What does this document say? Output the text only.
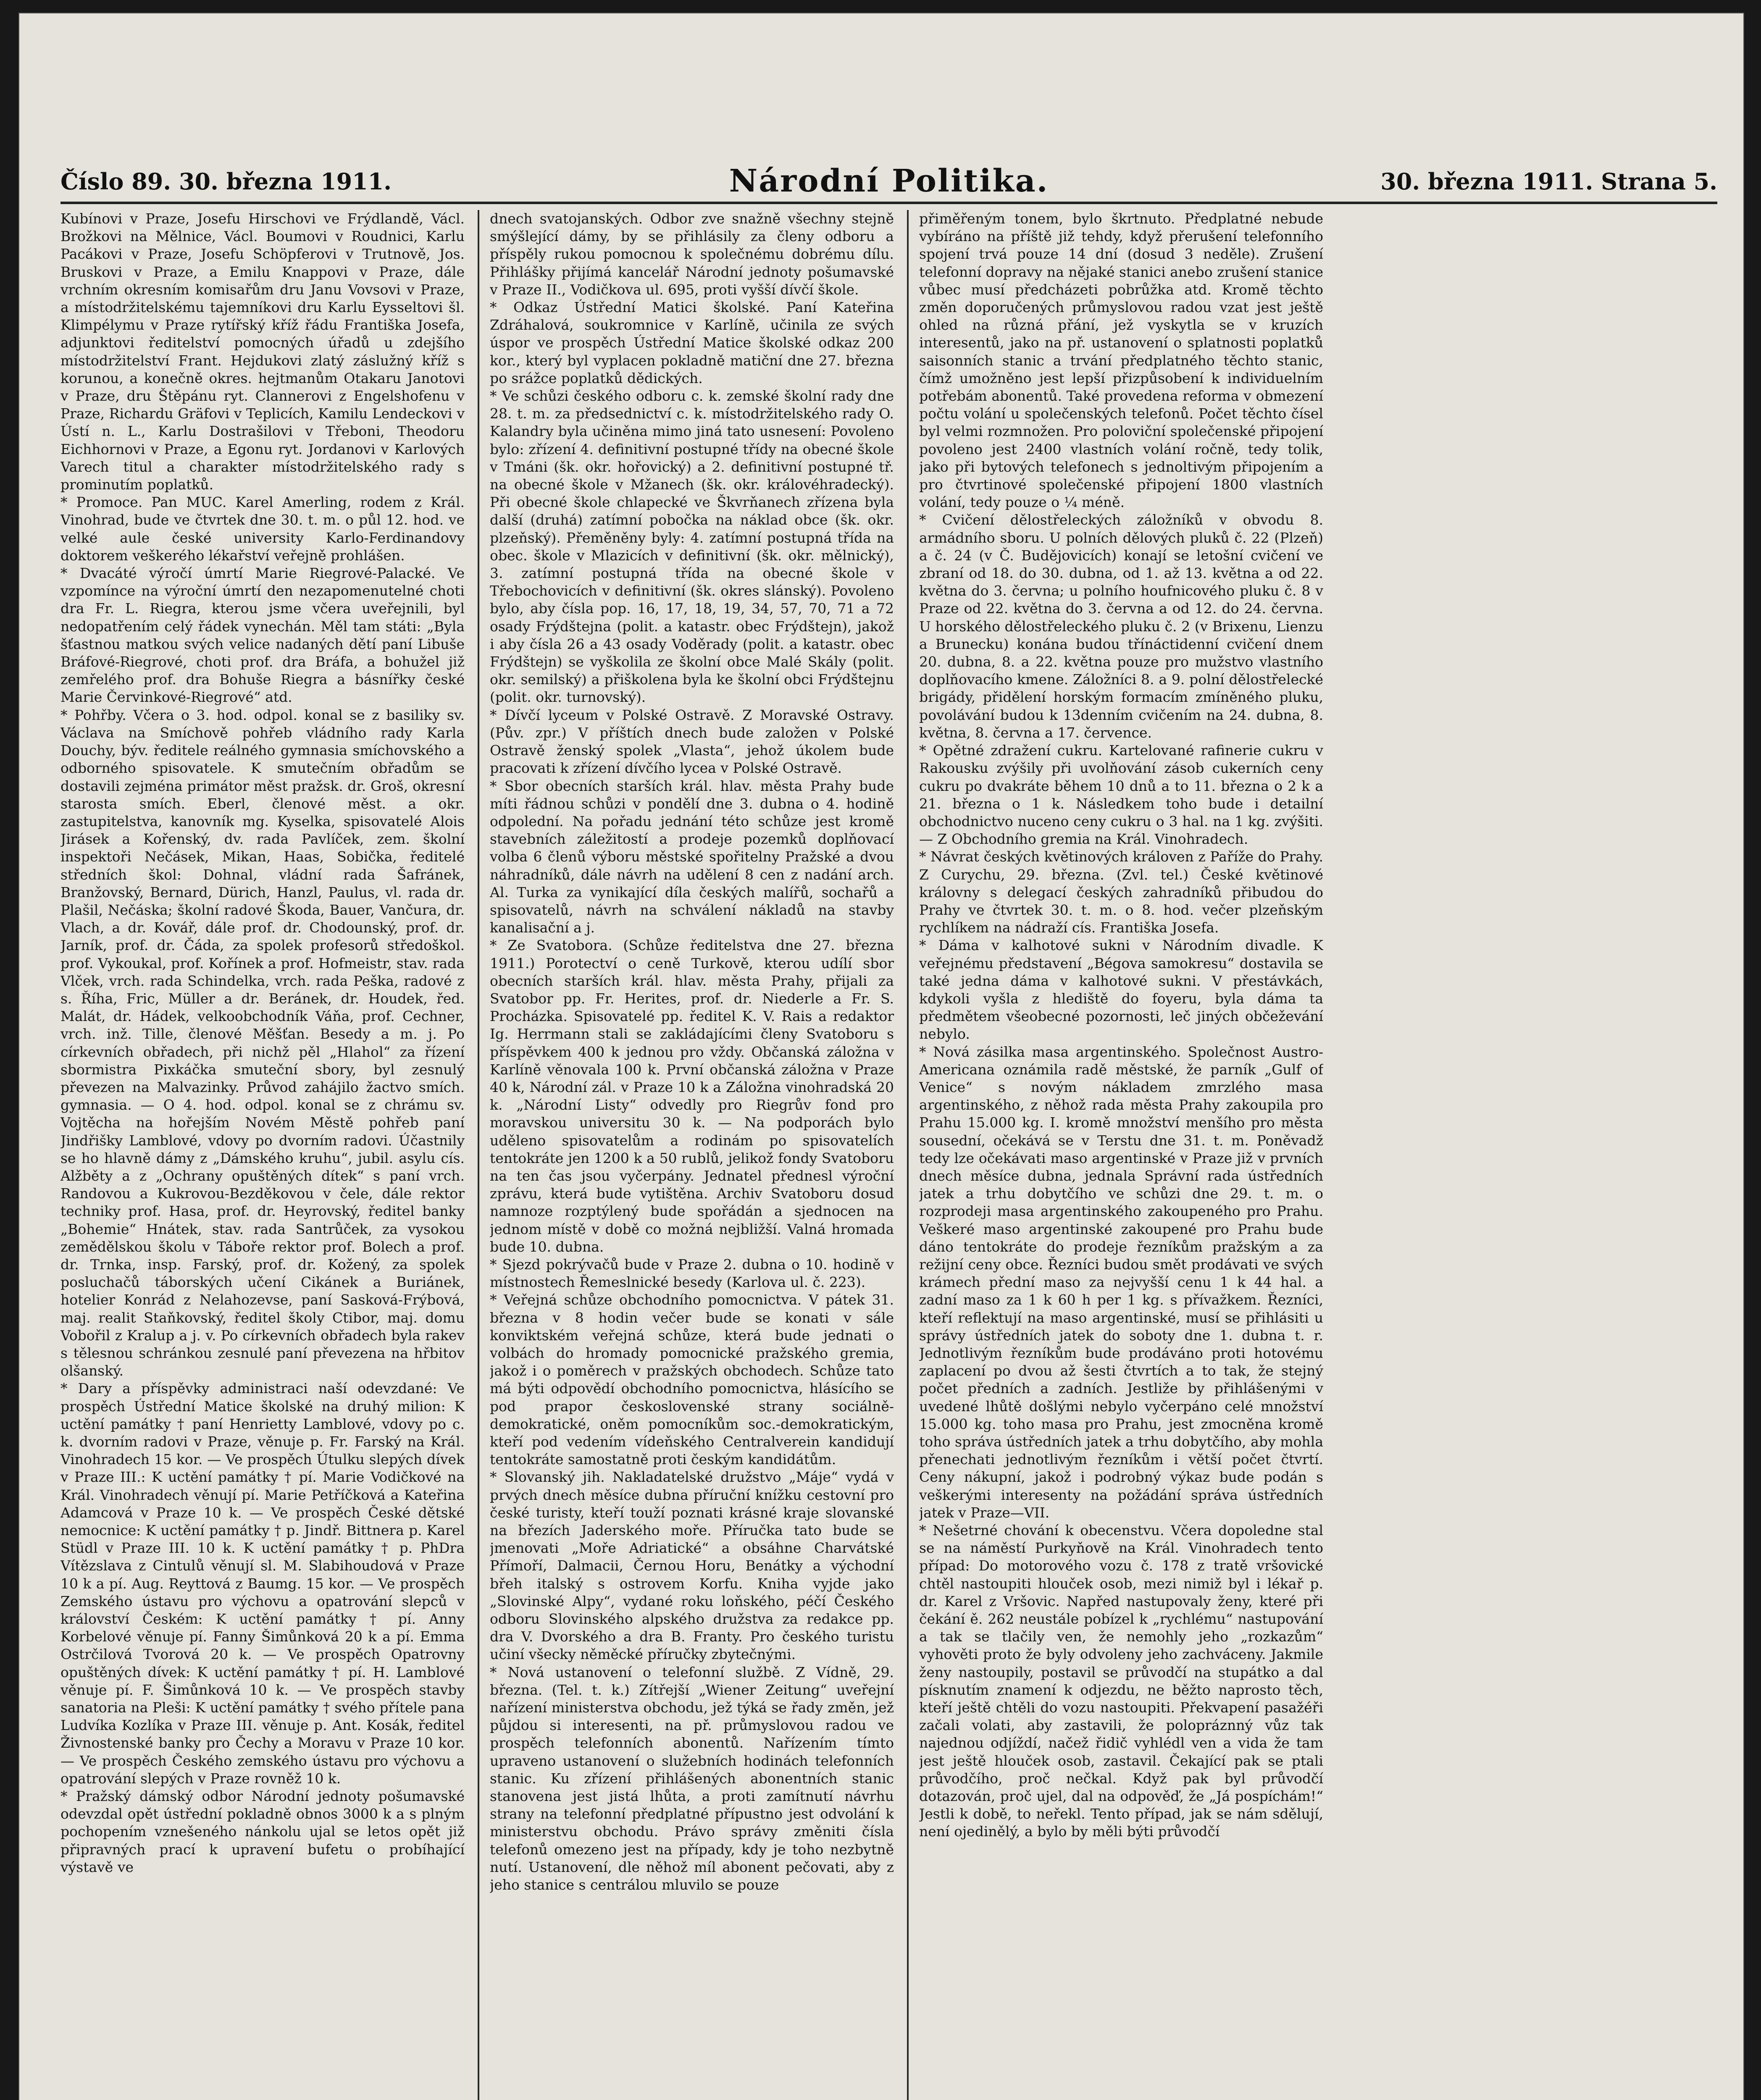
Číslo 89. 30. března 1911.	Národní Politika.	30. března 1911. Strana 5.

Kubínovi v Praze, Josefu Hirschovi ve Frýdlandě, Václ. Brožkovi na Mělnice, Václ. Boumovi v Roudnici, Karlu Pacákovi v Praze, Josefu Schöpferovi v Trutnově, Jos. Bruskovi v Praze, a Emilu Knappovi v Praze, dále vrchním okresním komisařům dru Janu Vovsovi v Praze, a místodržitelskému tajemníkovi dru Karlu Eysseltovi šl. Klimpélymu v Praze rytířský kříž řádu Františka Josefa, adjunktovi ředitelství pomocných úřadů u zdejšího místodržitelství Frant. Hejdukovi zlatý záslužný kříž s korunou, a konečně okres. hejtmanům Otakaru Janotovi v Praze, dru Štěpánu ryt. Clannerovi z Engelshofenu v Praze, Richardu Gräfovi v Teplicích, Kamilu Lendeckovi v Ústí n. L., Karlu Dostrašilovi v Třeboni, Theodoru Eichhornovi v Praze, a Egonu ryt. Jordanovi v Karlových Varech titul a charakter místodržitelského rady s prominutím poplatků.

* Promoce. Pan MUC. Karel Amerling, rodem z Král. Vinohrad, bude ve čtvrtek dne 30. t. m. o půl 12. hod. ve velké aule české university Karlo-Ferdinandovy doktorem veškerého lékařství veřejně prohlášen.

* Dvacáté výročí úmrtí Marie Riegrové-Palacké. Ve vzpomínce na výroční úmrtí den nezapomenutelné choti dra Fr. L. Riegra, kterou jsme včera uveřejnili, byl nedopatřením celý řádek vynechán. Měl tam státi: „Byla šťastnou matkou svých velice nadaných dětí paní Libuše Bráfové-Riegrové, choti prof. dra Bráfa, a bohužel již zemřelého prof. dra Bohuše Riegra a básnířky české Marie Červinkové-Riegrové“ atd.

* Pohřby. Včera o 3. hod. odpol. konal se z basiliky sv. Václava na Smíchově pohřeb vládního rady Karla Douchy, býv. ředitele reálného gymnasia smíchovského a odborného spisovatele. K smutečním obřadům se dostavili zejména primátor měst pražsk. dr. Groš, okresní starosta smích. Eberl, členové měst. a okr. zastupitelstva, kanovník mg. Kyselka, spisovatelé Alois Jirásek a Kořenský, dv. rada Pavlíček, zem. školní inspektoři Nečásek, Mikan, Haas, Sobička, ředitelé středních škol: Dohnal, vládní rada Šafránek, Branžovský, Bernard, Dürich, Hanzl, Paulus, vl. rada dr. Plašil, Nečáska; školní radové Škoda, Bauer, Vančura, dr. Vlach, a dr. Kovář, dále prof. dr. Chodounský, prof. dr. Jarník, prof. dr. Čáda, za spolek profesorů středoškol. prof. Vykoukal, prof. Kořínek a prof. Hofmeistr, stav. rada Vlček, vrch. rada Schindelka, vrch. rada Peška, radové z s. Říha, Fric, Müller a dr. Beránek, dr. Houdek, řed. Malát, dr. Hádek, velkoobchodník Váňa, prof. Cechner, vrch. inž. Tille, členové Měšťan. Besedy a m. j. Po církevních obřadech, při nichž pěl „Hlahol“ za řízení sbormistra Pixkáčka smuteční sbory, byl zesnulý převezen na Malvazinky. Průvod zahájilo žactvo smích. gymnasia. — O 4. hod. odpol. konal se z chrámu sv. Vojtěcha na hořejším Novém Městě pohřeb paní Jindřišky Lamblové, vdovy po dvorním radovi. Účastnily se ho hlavně dámy z „Dámského kruhu“, jubil. asylu cís. Alžběty a z „Ochrany opuštěných dítek“ s paní vrch. Randovou a Kukrovou-Bezděkovou v čele, dále rektor techniky prof. Hasa, prof. dr. Heyrovský, ředitel banky „Bohemie“ Hnátek, stav. rada Santrůček, za vysokou zemědělskou školu v Táboře rektor prof. Bolech a prof. dr. Trnka, insp. Farský, prof. dr. Kožený, za spolek posluchačů táborských učení Cikánek a Buriánek, hotelier Konrád z Nelahozevse, paní Sasková-Frýbová, maj. realit Staňkovský, ředitel školy Ctibor, maj. domu Vobořil z Kralup a j. v. Po církevních obřadech byla rakev s tělesnou schránkou zesnulé paní převezena na hřbitov olšanský.

* Dary a příspěvky administraci naší odevzdané: Ve prospěch Ústřední Matice školské na druhý milion: K uctění památky † paní Henrietty Lamblové, vdovy po c. k. dvorním radovi v Praze, věnuje p. Fr. Farský na Král. Vinohradech 15 kor. — Ve prospěch Útulku slepých dívek v Praze III.: K uctění památky † pí. Marie Vodičkové na Král. Vinohradech věnují pí. Marie Petříčková a Kateřina Adamcová v Praze 10 k. — Ve prospěch České dětské nemocnice: K uctění památky † p. Jindř. Bittnera p. Karel Stüdl v Praze III. 10 k. K uctění památky † p. PhDra Vítězslava z Cintulů věnují sl. M. Slabihoudová v Praze 10 k a pí. Aug. Reyttová z Baumg. 15 kor. — Ve prospěch Zemského ústavu pro výchovu a opatrování slepců v království Českém: K uctění památky † pí. Anny Korbelové věnuje pí. Fanny Šimůnková 20 k a pí. Emma Ostrčilová Tvorová 20 k. — Ve prospěch Opatrovny opuštěných dívek: K uctění památky † pí. H. Lamblové věnuje pí. F. Šimůnková 10 k. — Ve prospěch stavby sanatoria na Pleši: K uctění památky † svého přítele pana Ludvíka Kozlíka v Praze III. věnuje p. Ant. Kosák, ředitel Živnostenské banky pro Čechy a Moravu v Praze 10 kor. — Ve prospěch Českého zemského ústavu pro výchovu a opatrování slepých v Praze rovněž 10 k.

* Pražský dámský odbor Národní jednoty pošumavské odevzdal opět ústřední pokladně obnos 3000 k a s plným pochopením vznešeného nánkolu ujal se letos opět již připravných prací k upravení bufetu o probíhající výstavě ve

dnech svatojanských. Odbor zve snažně všechny stejně smýšlející dámy, by se přihlásily za členy odboru a příspěly rukou pomocnou k společnému dobrému dílu. Přihlášky přijímá kancelář Národní jednoty pošumavské v Praze II., Vodičkova ul. 695, proti vyšší dívčí škole.

* Odkaz Ústřední Matici školské. Paní Kateřina Zdráhalová, soukromnice v Karlíně, učinila ze svých úspor ve prospěch Ústřední Matice školské odkaz 200 kor., který byl vyplacen pokladně matiční dne 27. března po srážce poplatků dědických.

* Ve schůzi českého odboru c. k. zemské školní rady dne 28. t. m. za předsednictví c. k. místodržitelského rady O. Kalandry byla učiněna mimo jiná tato usnesení: Povoleno bylo: zřízení 4. definitivní postupné třídy na obecné škole v Tmáni (šk. okr. hořovický) a 2. definitivní postupné tř. na obecné škole v Mžanech (šk. okr. královéhradecký). Při obecné škole chlapecké ve Škvrňanech zřízena byla další (druhá) zatímní pobočka na náklad obce (šk. okr. plzeňský). Přeměněny byly: 4. zatímní postupná třída na obec. škole v Mlazicích v definitivní (šk. okr. mělnický), 3. zatímní postupná třída na obecné škole v Třebochovicích v definitivní (šk. okres slánský). Povoleno bylo, aby čísla pop. 16, 17, 18, 19, 34, 57, 70, 71 a 72 osady Frýdštejna (polit. a katastr. obec Frýdštejn), jakož i aby čísla 26 a 43 osady Voděrady (polit. a katastr. obec Frýdštejn) se vyškolila ze školní obce Malé Skály (polit. okr. semilský) a přiškolena byla ke školní obci Frýdštejnu (polit. okr. turnovský).

* Dívčí lyceum v Polské Ostravě. Z Moravské Ostravy. (Pův. zpr.) V příštích dnech bude založen v Polské Ostravě ženský spolek „Vlasta“, jehož úkolem bude pracovati k zřízení dívčího lycea v Polské Ostravě.

* Sbor obecních starších král. hlav. města Prahy bude míti řádnou schůzi v pondělí dne 3. dubna o 4. hodině odpolední. Na pořadu jednání této schůze jest kromě stavebních záležitostí a prodeje pozemků doplňovací volba 6 členů výboru městské spořitelny Pražské a dvou náhradníků, dále návrh na udělení 8 cen z nadání arch. Al. Turka za vynikající díla českých malířů, sochařů a spisovatelů, návrh na schválení nákladů na stavby kanalisační a j.

* Ze Svatobora. (Schůze ředitelstva dne 27. března 1911.) Porotectví o ceně Turkově, kterou udílí sbor obecních starších král. hlav. města Prahy, přijali za Svatobor pp. Fr. Herites, prof. dr. Niederle a Fr. S. Procházka. Spisovatelé pp. ředitel K. V. Rais a redaktor Ig. Herrmann stali se zakládajícími členy Svatoboru s příspěvkem 400 k jednou pro vždy. Občanská záložna v Karlíně věnovala 100 k. První občanská záložna v Praze 40 k, Národní zál. v Praze 10 k a Záložna vinohradská 20 k. „Národní Listy“ odvedly pro Riegrův fond pro moravskou universitu 30 k. — Na podporách bylo uděleno spisovatelům a rodinám po spisovatelích tentokráte jen 1200 k a 50 rublů, jelikož fondy Svatoboru na ten čas jsou vyčerpány. Jednatel přednesl výroční zprávu, která bude vytištěna. Archiv Svatoboru dosud namnoze rozptýlený bude spořádán a sjednocen na jednom místě v době co možná nejbližší. Valná hromada bude 10. dubna.

* Sjezd pokrývačů bude v Praze 2. dubna o 10. hodině v místnostech Řemeslnické besedy (Karlova ul. č. 223).

* Veřejná schůze obchodního pomocnictva. V pátek 31. března v 8 hodin večer bude se konati v sále konviktském veřejná schůze, která bude jednati o volbách do hromady pomocnické pražského gremia, jakož i o poměrech v pražských obchodech. Schůze tato má býti odpovědí obchodního pomocnictva, hlásícího se pod prapor československé strany sociálně-demokratické, oněm pomocníkům soc.-demokratickým, kteří pod vedením vídeňského Centralverein kandidují tentokráte samostatně proti českým kandidátům.

* Slovanský jih. Nakladatelské družstvo „Máje“ vydá v prvých dnech měsíce dubna příruční knížku cestovní pro české turisty, kteří touží poznati krásné kraje slovanské na březích Jaderského moře. Příručka tato bude se jmenovati „Moře Adriatické“ a obsáhne Charvátské Přímoří, Dalmacii, Černou Horu, Benátky a východní břeh italský s ostrovem Korfu. Kniha vyjde jako „Slovinské Alpy“, vydané roku loňského, péčí Českého odboru Slovinského alpského družstva za redakce pp. dra V. Dvorského a dra B. Franty. Pro českého turistu učiní všecky něměcké příručky zbytečnými.

* Nová ustanovení o telefonní službě. Z Vídně, 29. března. (Tel. t. k.) Zítřejší „Wiener Zeitung“ uveřejní nařízení ministerstva obchodu, jež týká se řady změn, jež půjdou si interesenti, na př. průmyslovou radou ve prospěch telefonních abonentů. Nařízením tímto upraveno ustanovení o služebních hodinách telefonních stanic. Ku zřízení přihlášených abonentních stanic stanovena jest jistá lhůta, a proti zamítnutí návrhu strany na telefonní předplatné přípustno jest odvolání k ministerstvu obchodu. Právo správy změniti čísla telefonů omezeno jest na případy, kdy je toho nezbytně nutí. Ustanovení, dle něhož míl abonent pečovati, aby z jeho stanice s centrálou mluvilo se pouze

přiměřeným tonem, bylo škrtnuto. Předplatné nebude vybíráno na příště již tehdy, když přerušení telefonního spojení trvá pouze 14 dní (dosud 3 neděle). Zrušení telefonní dopravy na nějaké stanici anebo zrušení stanice vůbec musí předcházeti pobrůžka atd. Kromě těchto změn doporučených průmyslovou radou vzat jest ještě ohled na různá přání, jež vyskytla se v kruzích interesentů, jako na př. ustanovení o splatnosti poplatků saisonních stanic a trvání předplatného těchto stanic, čímž umožněno jest lepší přizpůsobení k individuelním potřebám abonentů. Také provedena reforma v obmezení počtu volání u společenských telefonů. Počet těchto čísel byl velmi rozmnožen. Pro poloviční společenské připojení povoleno jest 2400 vlastních volání ročně, tedy tolik, jako při bytových telefonech s jednoltivým připojením a pro čtvrtinové společenské připojení 1800 vlastních volání, tedy pouze o ¼ méně.

* Cvičení dělostřeleckých záložníků v obvodu 8. armádního sboru. U polních dělových pluků č. 22 (Plzeň) a č. 24 (v Č. Budějovicích) konají se letošní cvičení ve zbraní od 18. do 30. dubna, od 1. až 13. května a od 22. května do 3. června; u polního houfnicového pluku č. 8 v Praze od 22. května do 3. června a od 12. do 24. června. U horského dělostřeleckého pluku č. 2 (v Brixenu, Lienzu a Brunecku) konána budou třínáctidenní cvičení dnem 20. dubna, 8. a 22. května pouze pro mužstvo vlastního doplňovacího kmene. Záložníci 8. a 9. polní dělostřelecké brigády, přidělení horským formacím zmíněného pluku, povolávání budou k 13denním cvičením na 24. dubna, 8. května, 8. června a 17. července.

* Opětné zdražení cukru. Kartelované rafinerie cukru v Rakousku zvýšily při uvolňování zásob cukerních ceny cukru po dvakráte během 10 dnů a to 11. března o 2 k a 21. března o 1 k. Následkem toho bude i detailní obchodnictvo nuceno ceny cukru o 3 hal. na 1 kg. zvýšiti. — Z Obchodního gremia na Král. Vinohradech.

* Návrat českých květinových královen z Paříže do Prahy. Z Curychu, 29. března. (Zvl. tel.) České květinové královny s delegací českých zahradníků přibudou do Prahy ve čtvrtek 30. t. m. o 8. hod. večer plzeňským rychlíkem na nádraží cís. Františka Josefa.

* Dáma v kalhotové sukni v Národním divadle. K veřejnému představení „Bégova samokresu“ dostavila se také jedna dáma v kalhotové sukni. V přestávkách, kdykoli vyšla z hlediště do foyeru, byla dáma ta předmětem všeobecné pozornosti, leč jiných občeževání nebylo.

* Nová zásilka masa argentinského. Společnost Austro-Americana oznámila radě městské, že parník „Gulf of Venice“ s novým nákladem zmrzlého masa argentinského, z něhož rada města Prahy zakoupila pro Prahu 15.000 kg. I. kromě množství menšího pro města sousední, očekává se v Terstu dne 31. t. m. Poněvadž tedy lze očekávati maso argentinské v Praze již v prvních dnech měsíce dubna, jednala Správní rada ústředních jatek a trhu dobytčího ve schůzi dne 29. t. m. o rozprodeji masa argentinského zakoupeného pro Prahu. Veškeré maso argentinské zakoupené pro Prahu bude dáno tentokráte do prodeje řezníkům pražským a za režijní ceny obce. Řezníci budou smět prodávati ve svých krámech přední maso za nejvyšší cenu 1 k 44 hal. a zadní maso za 1 k 60 h per 1 kg. s přívažkem. Řezníci, kteří reflektují na maso argentinské, musí se přihlásiti u správy ústředních jatek do soboty dne 1. dubna t. r. Jednotlivým řezníkům bude prodáváno proti hotovému zaplacení po dvou až šesti čtvrtích a to tak, že stejný počet předních a zadních. Jestliže by přihlášenými v uvedené lhůtě došlými nebylo vyčerpáno celé množství 15.000 kg. toho masa pro Prahu, jest zmocněna kromě toho správa ústředních jatek a trhu dobytčího, aby mohla přenechati jednotlivým řezníkům i větší počet čtvrtí. Ceny nákupní, jakož i podrobný výkaz bude podán s veškerými interesenty na požádání správa ústředních jatek v Praze—VII.

* Nešetrné chování k obecenstvu. Včera dopoledne stal se na náměstí Purkyňově na Král. Vinohradech tento případ: Do motorového vozu č. 178 z tratě vršovické chtěl nastoupiti hlouček osob, mezi nimiž byl i lékař p. dr. Karel z Vršovic. Napřed nastupovaly ženy, které při čekání ě. 262 neustále pobízel k „rychlému“ nastupování a tak se tlačily ven, že nemohly jeho „rozkazům“ vyhověti proto že byly odvoleny jeho zachváceny. Jakmile ženy nastoupily, postavil se průvodčí na stupátko a dal písknutím znamení k odjezdu, ne běžto naprosto těch, kteří ještě chtěli do vozu nastoupiti. Překvapení pasažéři začali volati, aby zastavili, že polopráznný vůz tak najednou odjíždí, načež řidič vyhlédl ven a vida že tam jest ještě hlouček osob, zastavil. Čekající pak se ptali průvodčího, proč nečkal. Když pak byl průvodčí dotazován, proč ujel, dal na odpověď, že „Já pospíchám!“ Jestli k době, to neřekl. Tento případ, jak se nám sdělují, není ojedinělý, a bylo by měli býti průvodčí
